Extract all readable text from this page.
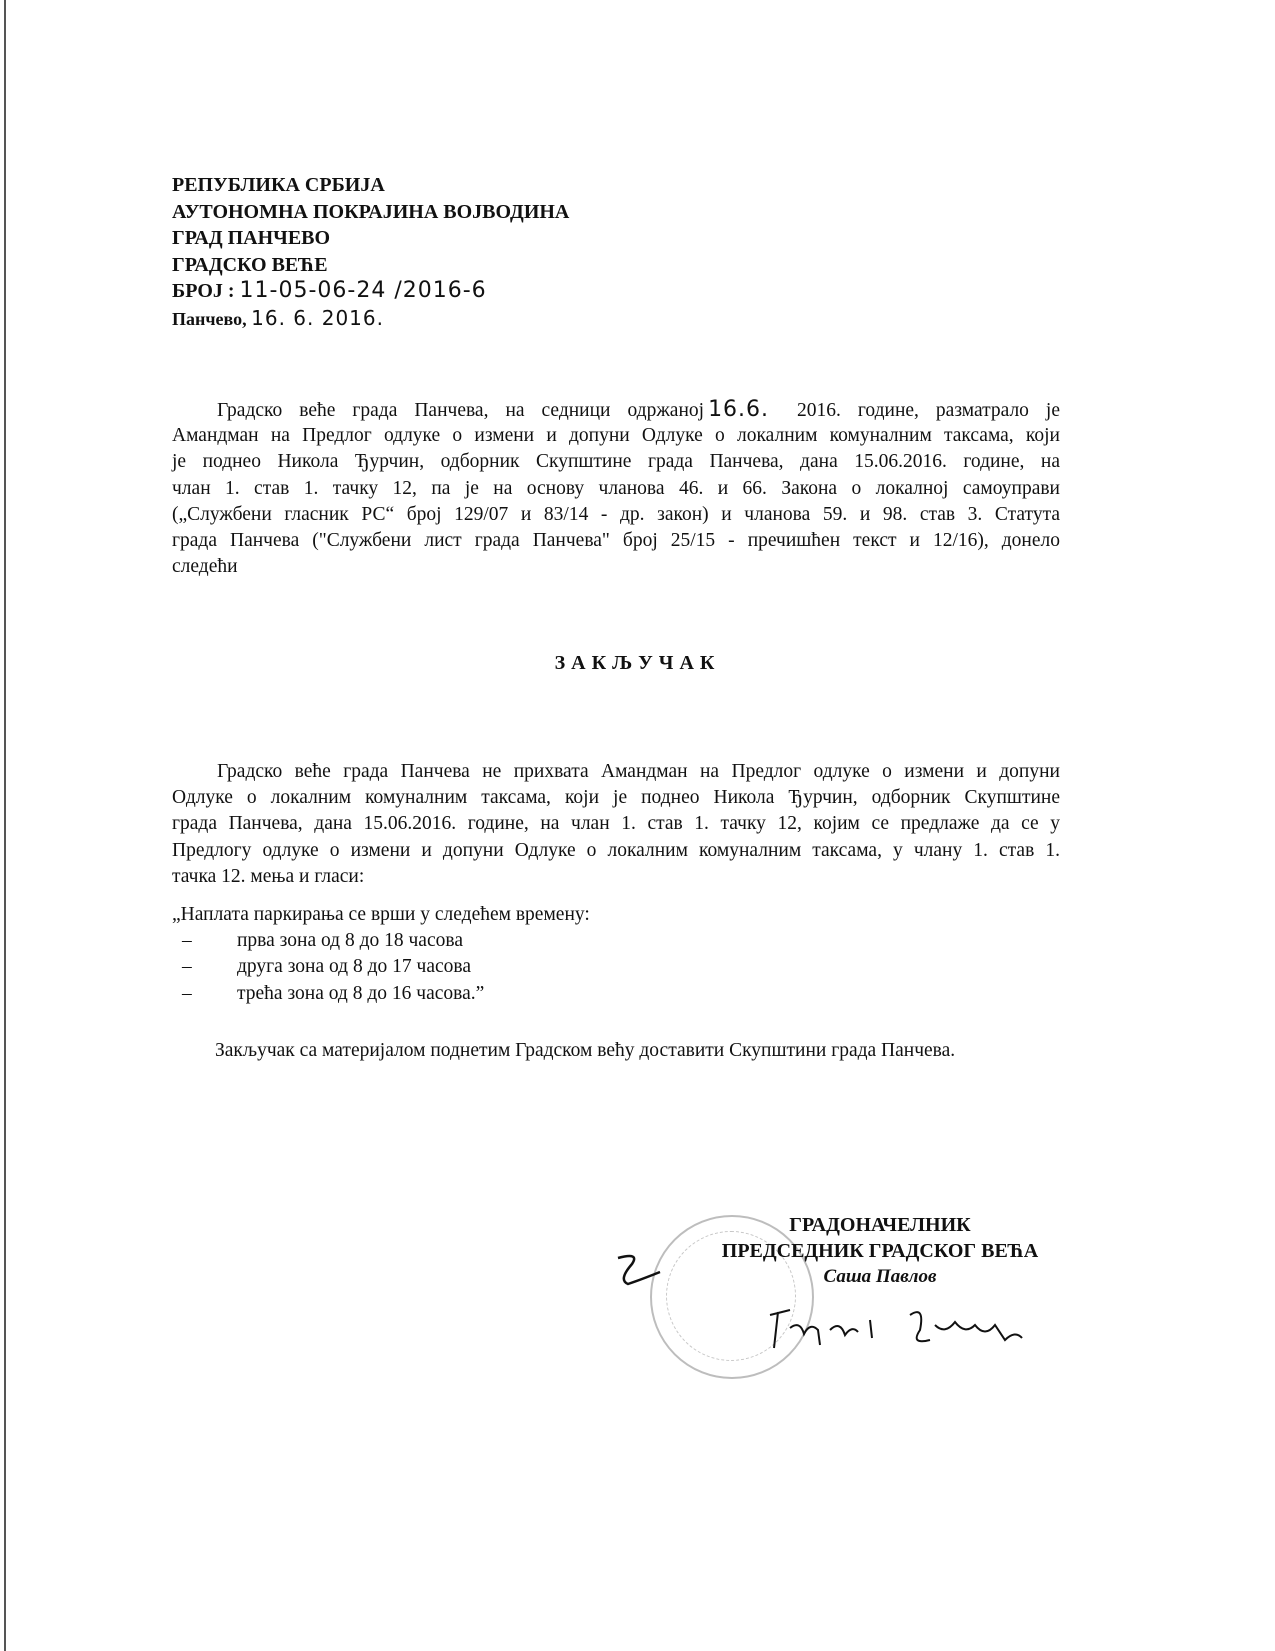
РЕПУБЛИКА СРБИЈА
АУТОНОМНА ПОКРАЈИНА ВОЈВОДИНА
ГРАД ПАНЧЕВО
ГРАДСКО ВЕЋЕ
БРОЈ : 11-05-06-24 /2016-6
Панчево, 16. 6. 2016.
Градско веће града Панчева, на седници одржаној 16.6. 2016. године, разматрало је
Амандман на Предлог одлуке о измени и допуни Одлуке о локалним комуналним таксама, који
је поднео Никола Ђурчин, одборник Скупштине града Панчева, дана 15.06.2016. године, на
члан 1. став 1. тачку 12, па је на основу чланова 46. и 66. Закона о локалној самоуправи
(„Службени гласник РС“ број 129/07 и 83/14 - др. закон) и чланова 59. и 98. став 3. Статута
града Панчева ("Службени лист града Панчева" број 25/15 - пречишћен текст и 12/16), донело
следећи
ЗАКЉУЧАК
Градско веће града Панчева не прихвата Амандман на Предлог одлуке о измени и допуни
Одлуке о локалним комуналним таксама, који је поднео Никола Ђурчин, одборник Скупштине
града Панчева, дана 15.06.2016. године, на члан 1. став 1. тачку 12, којим се предлаже да се у
Предлогу одлуке о измени и допуни Одлуке о локалним комуналним таксама, у члану 1. став 1.
тачка 12. мења и гласи:
„Наплата паркирања се врши у следећем времену:
– прва зона од 8 до 18 часова
– друга зона од 8 до 17 часова
– трећа зона од 8 до 16 часова.”
Закључак са материјалом поднетим Градском већу доставити Скупштини града Панчева.
ГРАДОНАЧЕЛНИК
ПРЕДСЕДНИК ГРАДСКОГ ВЕЋА
Саша Павлов
